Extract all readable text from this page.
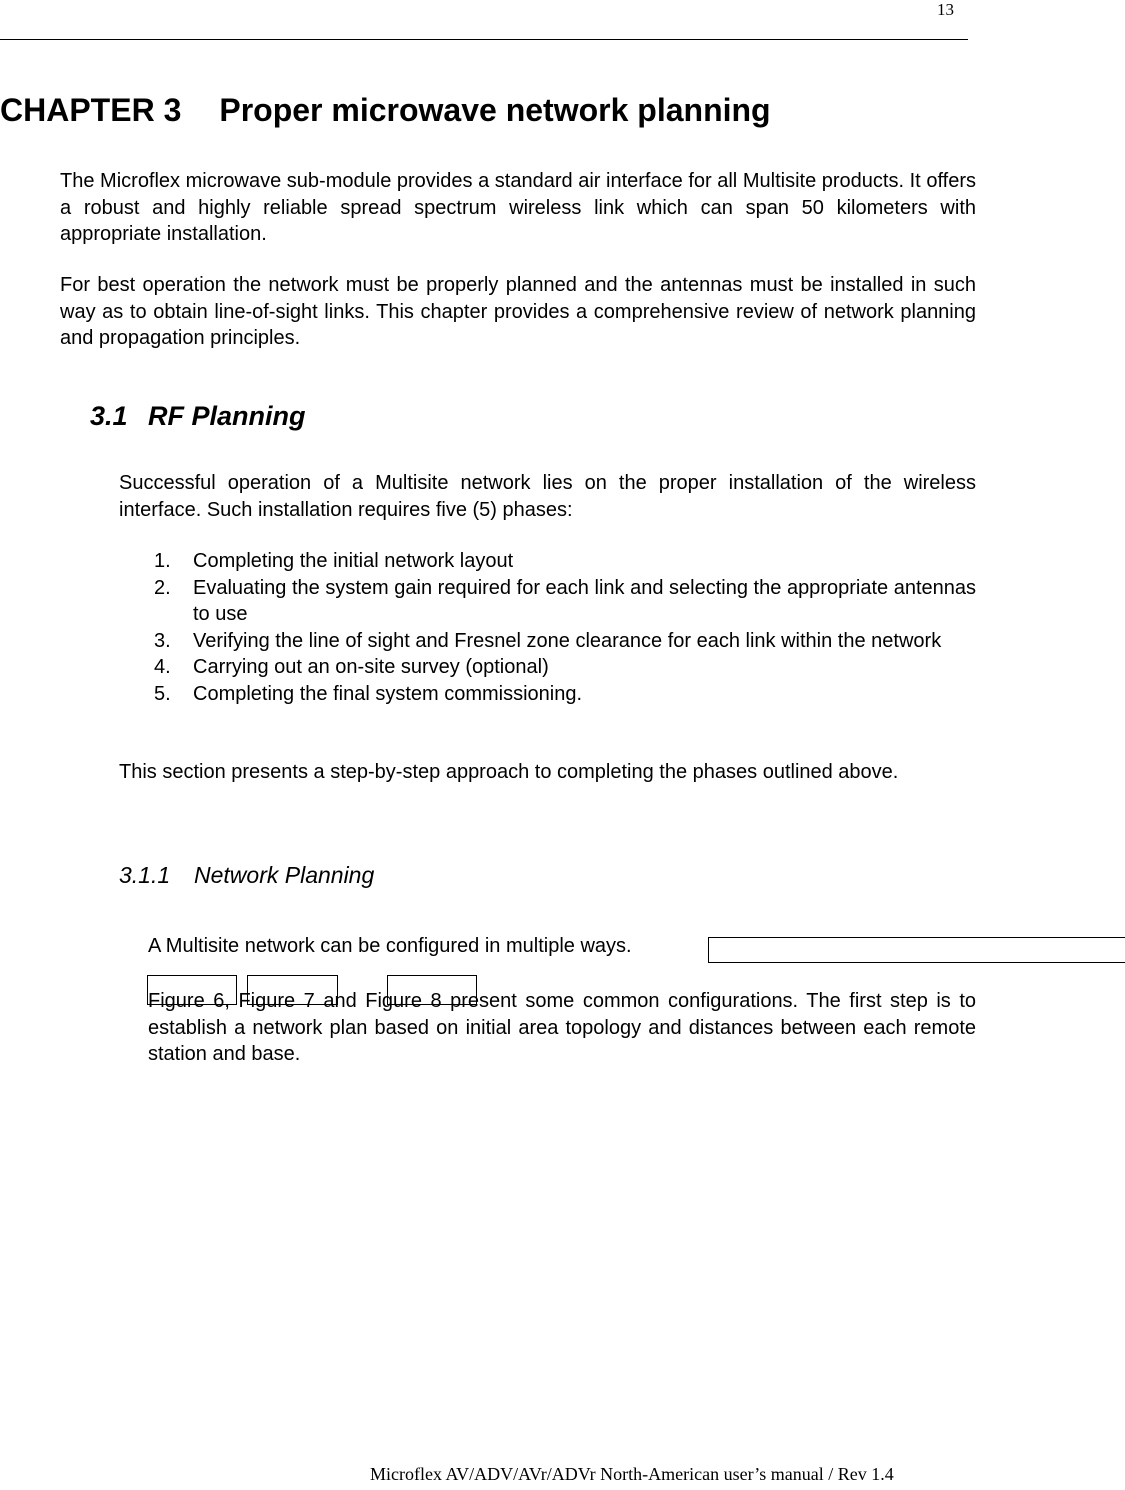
13
CHAPTER 3 Proper microwave network planning

The Microflex microwave sub-module provides a standard air interface for all Multisite products. It offers a robust and highly reliable spread spectrum wireless link which can span 50 kilometers with appropriate installation.

For best operation the network must be properly planned and the antennas must be installed in such way as to obtain line-of-sight links. This chapter provides a comprehensive review of network planning and propagation principles.

3.1 RF Planning

Successful operation of a Multisite network lies on the proper installation of the wireless interface. Such installation requires five (5) phases:

1. Completing the initial network layout
2. Evaluating the system gain required for each link and selecting the appropriate antennas to use
3. Verifying the line of sight and Fresnel zone clearance for each link within the network
4. Carrying out an on-site survey (optional)
5. Completing the final system commissioning.

This section presents a step-by-step approach to completing the phases outlined above.

3.1.1 Network Planning
A Multisite network can be configured in multiple ways.

Figure 6, Figure 7 and Figure 8 present some common configurations. The first step is to establish a network plan based on initial area topology and distances between each remote station and base.

Microflex AV/ADV/AVr/ADVr North-American user’s manual / Rev 1.4
